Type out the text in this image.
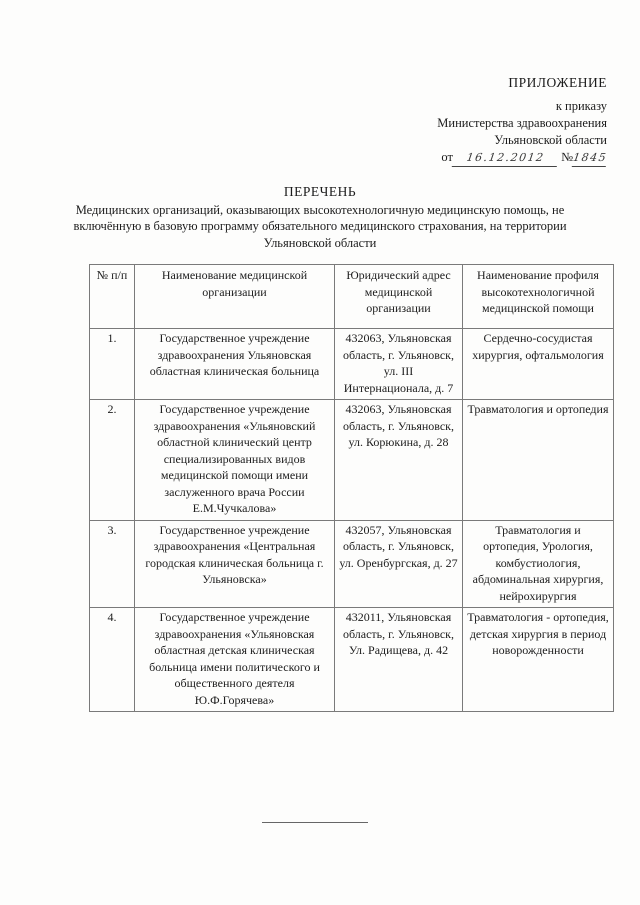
ПРИЛОЖЕНИЕ
к приказу
Министерства здравоохранения
Ульяновской области
от 16.12.2012 №1845
ПЕРЕЧЕНЬ
Медицинских организаций, оказывающих высокотехнологичную медицинскую помощь, не включённую в базовую программу обязательного медицинского страхования, на территории Ульяновской области
№ п/п	Наименование медицинской организации	Юридический адрес медицинской организации	Наименование профиля высокотехнологичной медицинской помощи
1.	Государственное учреждение здравоохранения Ульяновская областная клиническая больница	432063, Ульяновская область, г. Ульяновск, ул. III Интернационала, д. 7	Сердечно-сосудистая хирургия, офтальмология
2.	Государственное учреждение здравоохранения «Ульяновский областной клинический центр специализированных видов медицинской помощи имени заслуженного врача России Е.М.Чучкалова»	432063, Ульяновская область, г. Ульяновск, ул. Корюкина, д. 28	Травматология и ортопедия
3.	Государственное учреждение здравоохранения «Центральная городская клиническая больница г. Ульяновска»	432057, Ульяновская область, г. Ульяновск, ул. Оренбургская, д. 27	Травматология и ортопедия, Урология, комбустиология, абдоминальная хирургия, нейрохирургия
4.	Государственное учреждение здравоохранения «Ульяновская областная детская клиническая больница имени политического и общественного деятеля Ю.Ф.Горячева»	432011, Ульяновская область, г. Ульяновск, Ул. Радищева, д. 42	Травматология - ортопедия, детская хирургия в период новорожденности
